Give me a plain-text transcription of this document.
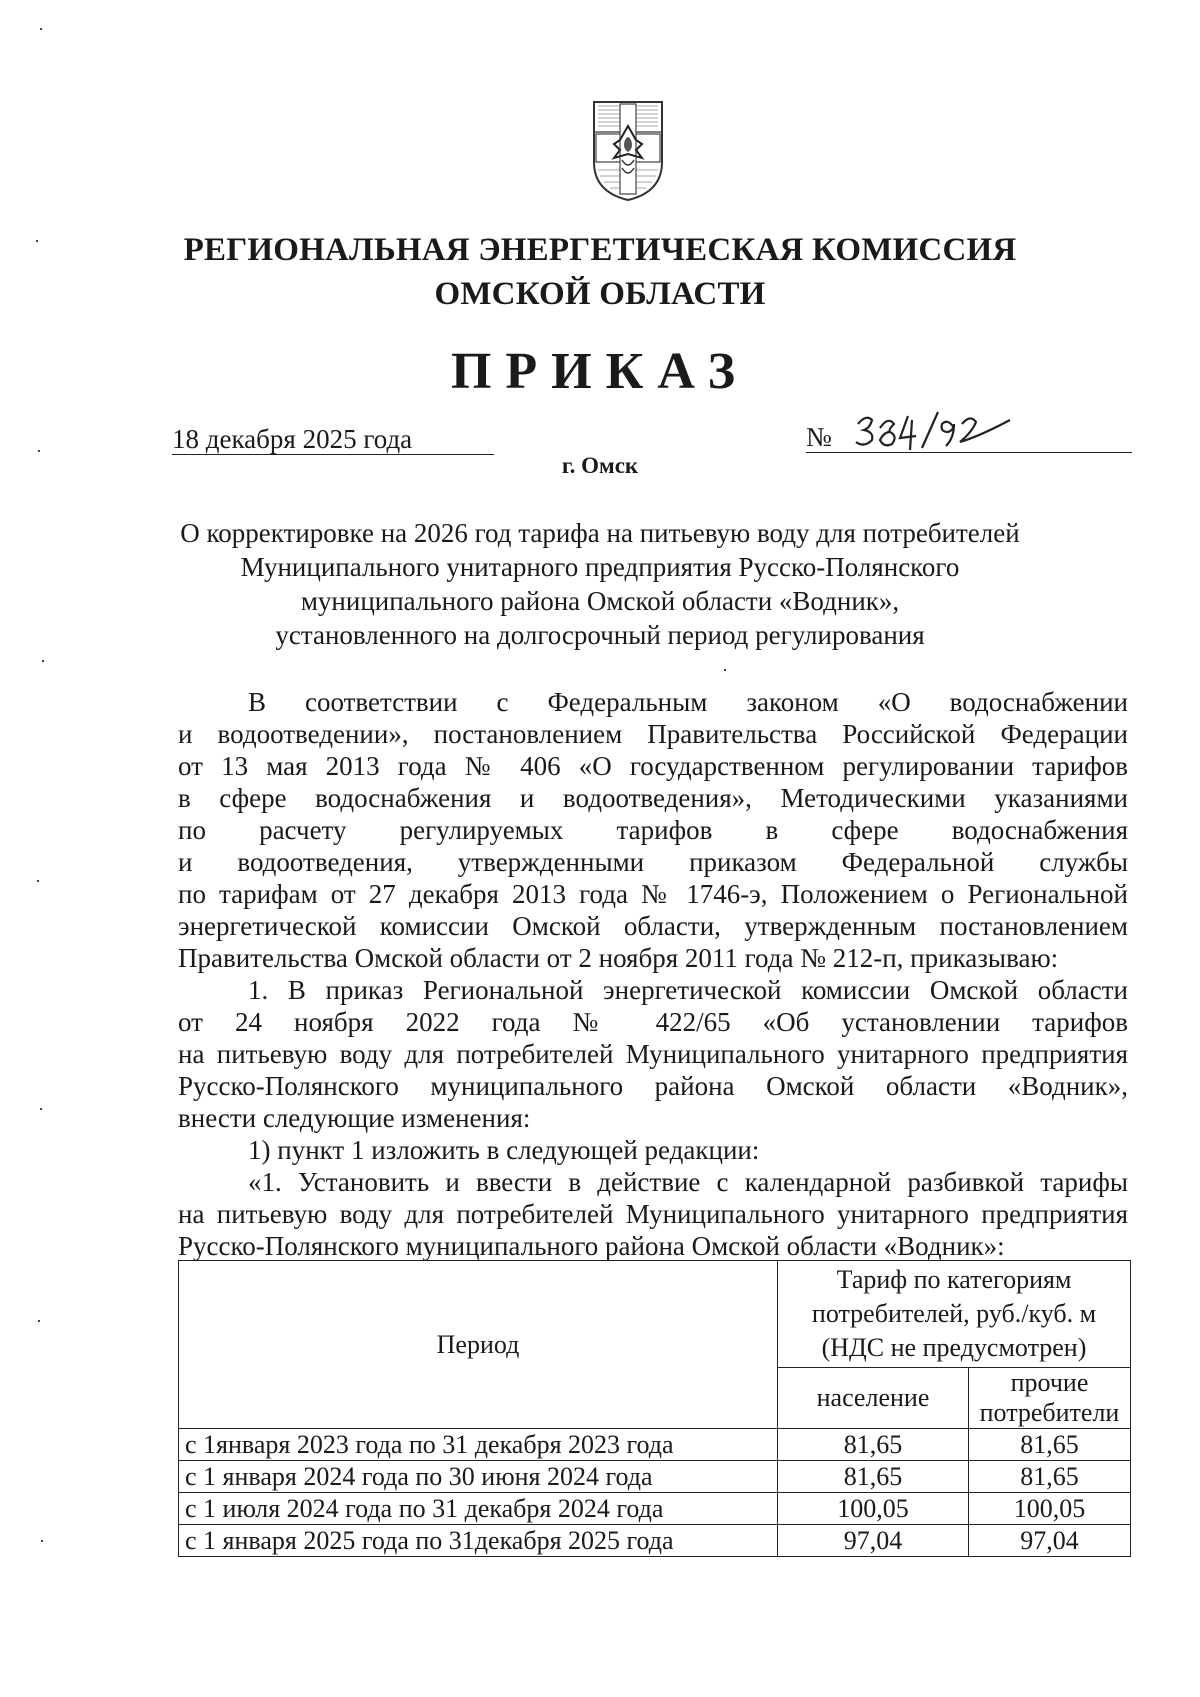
РЕГИОНАЛЬНАЯ ЭНЕРГЕТИЧЕСКАЯ КОМИССИЯ
ОМСКОЙ ОБЛАСТИ
ПРИКАЗ
18 декабря 2025 года	№
г. Омск
О корректировке на 2026 год тарифа на питьевую воду для потребителей
Муниципального унитарного предприятия Русско-Полянского
муниципального района Омской области «Водник»,
установленного на долгосрочный период регулирования
В соответствии с Федеральным законом «О водоснабжении
и водоотведении», постановлением Правительства Российской Федерации
от 13 мая 2013 года № 406 «О государственном регулировании тарифов
в сфере водоснабжения и водоотведения», Методическими указаниями
по расчету регулируемых тарифов в сфере водоснабжения
и водоотведения, утвержденными приказом Федеральной службы
по тарифам от 27 декабря 2013 года № 1746-э, Положением о Региональной
энергетической комиссии Омской области, утвержденным постановлением
Правительства Омской области от 2 ноября 2011 года № 212-п, приказываю:
1. В приказ Региональной энергетической комиссии Омской области
от 24 ноября 2022 года № 422/65 «Об установлении тарифов
на питьевую воду для потребителей Муниципального унитарного предприятия
Русско-Полянского муниципального района Омской области «Водник»,
внести следующие изменения:
1) пункт 1 изложить в следующей редакции:
«1. Установить и ввести в действие с календарной разбивкой тарифы
на питьевую воду для потребителей Муниципального унитарного предприятия
Русско-Полянского муниципального района Омской области «Водник»:
Период	Тариф по категориям
потребителей, руб./куб. м
(НДС не предусмотрен)	

	население	прочие
потребители

с 1января 2023 года по 31 декабря 2023 года	81,65	81,65
с 1 января 2024 года по 30 июня 2024 года	81,65	81,65
с 1 июля 2024 года по 31 декабря 2024 года	100,05	100,05
с 1 января 2025 года по 31декабря 2025 года	97,04	97,04
